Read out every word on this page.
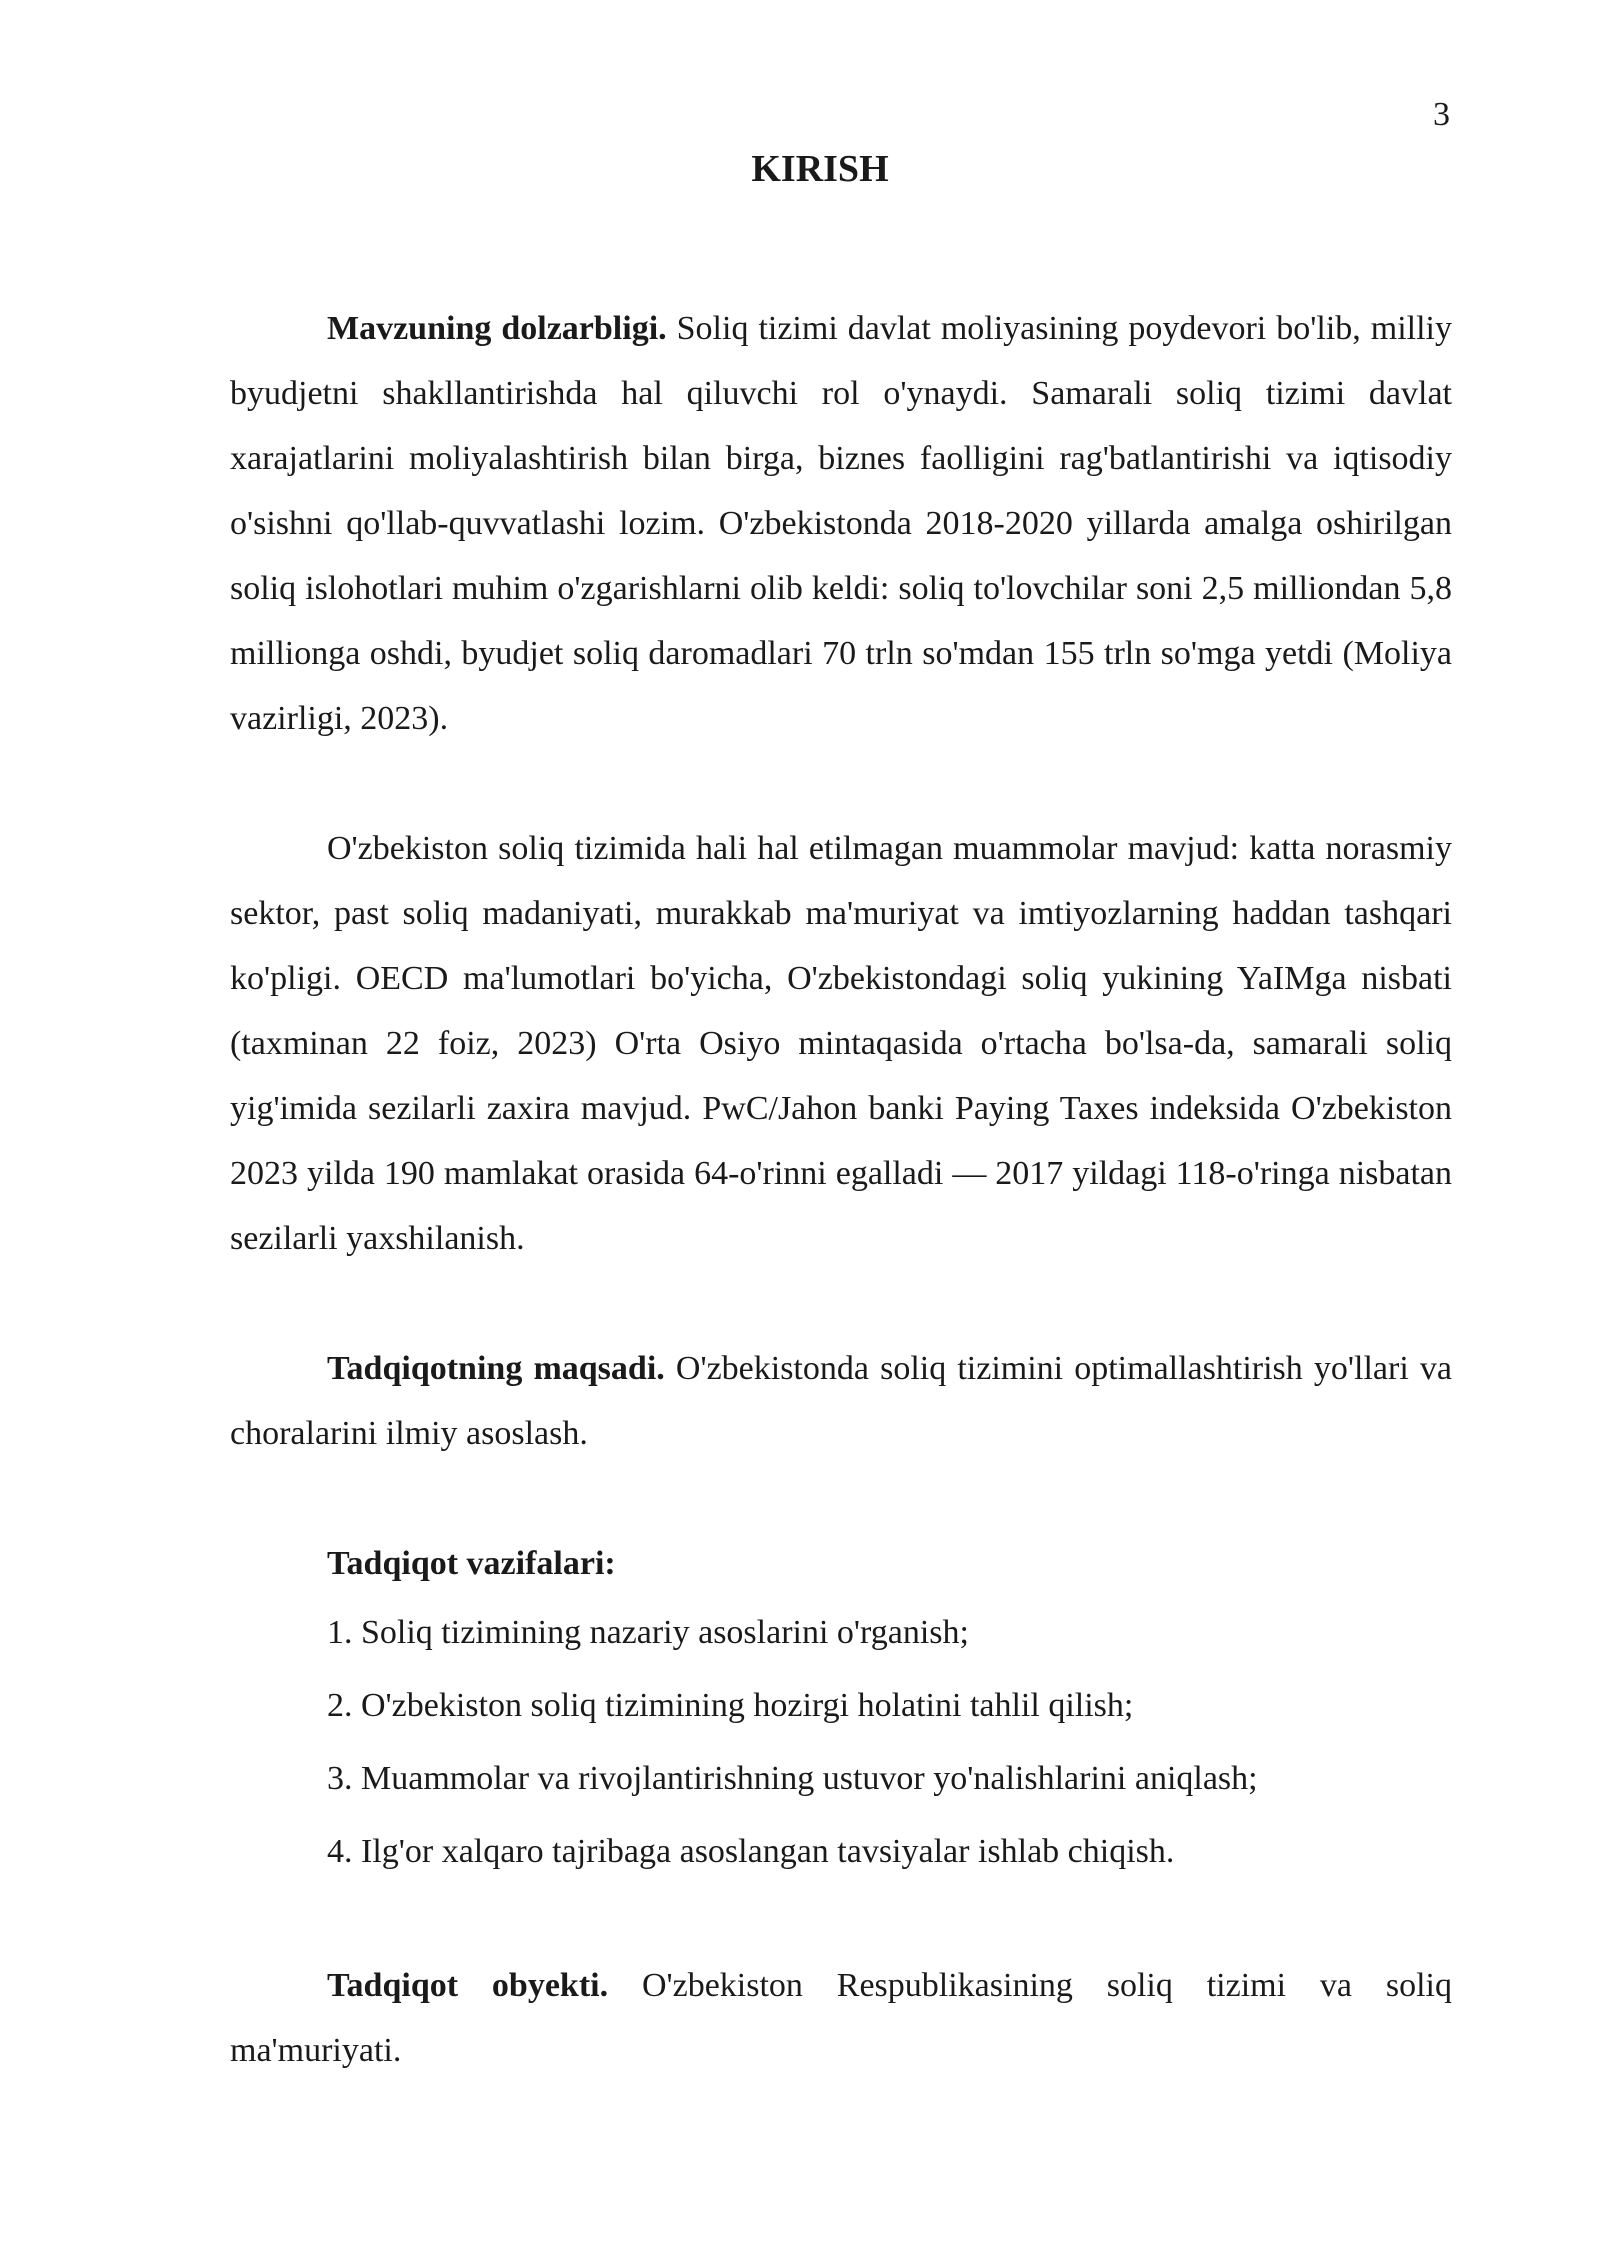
3
KIRISH

Mavzuning dolzarbligi. Soliq tizimi davlat moliyasining poydevori bo'lib, milliy byudjetni shakllantirishda hal qiluvchi rol o'ynaydi. Samarali soliq tizimi davlat xarajatlarini moliyalashtirish bilan birga, biznes faolligini rag'batlantirishi va iqtisodiy o'sishni qo'llab-quvvatlashi lozim. O'zbekistonda 2018-2020 yillarda amalga oshirilgan soliq islohotlari muhim o'zgarishlarni olib keldi: soliq to'lovchilar soni 2,5 milliondan 5,8 millionga oshdi, byudjet soliq daromadlari 70 trln so'mdan 155 trln so'mga yetdi (Moliya vazirligi, 2023).

O'zbekiston soliq tizimida hali hal etilmagan muammolar mavjud: katta norasmiy sektor, past soliq madaniyati, murakkab ma'muriyat va imtiyozlarning haddan tashqari ko'pligi. OECD ma'lumotlari bo'yicha, O'zbekistondagi soliq yukining YaIMga nisbati (taxminan 22 foiz, 2023) O'rta Osiyo mintaqasida o'rtacha bo'lsa-da, samarali soliq yig'imida sezilarli zaxira mavjud. PwC/Jahon banki Paying Taxes indeksida O'zbekiston 2023 yilda 190 mamlakat orasida 64-o'rinni egalladi — 2017 yildagi 118-o'ringa nisbatan sezilarli yaxshilanish.

Tadqiqotning maqsadi. O'zbekistonda soliq tizimini optimallashtirish yo'llari va choralarini ilmiy asoslash.

Tadqiqot vazifalari:

1. Soliq tizimining nazariy asoslarini o'rganish;
2. O'zbekiston soliq tizimining hozirgi holatini tahlil qilish;
3. Muammolar va rivojlantirishning ustuvor yo'nalishlarini aniqlash;
4. Ilg'or xalqaro tajribaga asoslangan tavsiyalar ishlab chiqish.

Tadqiqot obyekti. O'zbekiston Respublikasining soliq tizimi va soliq ma'muriyati.
